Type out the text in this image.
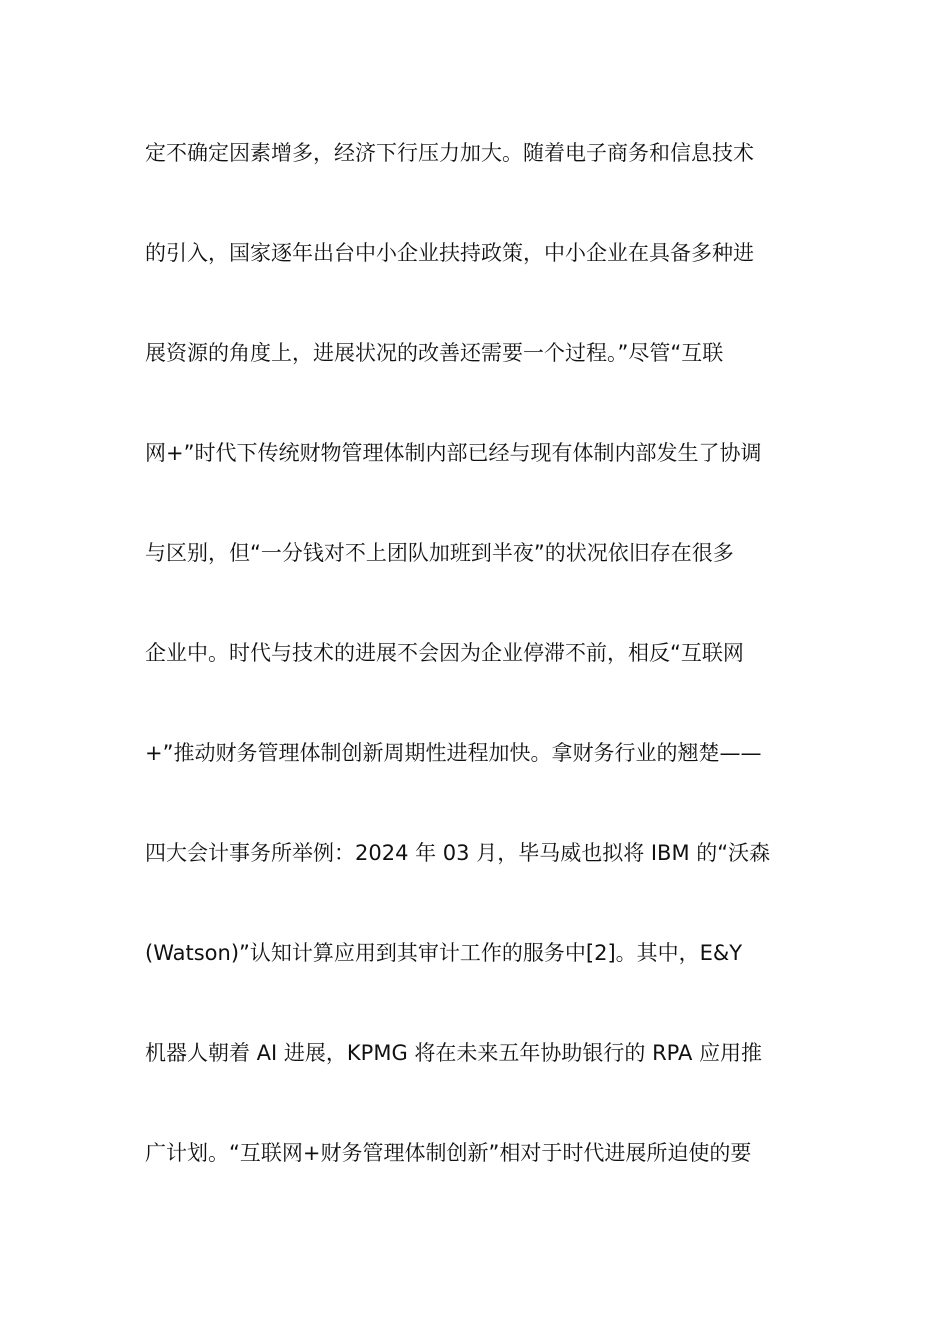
定不确定因素增多，经济下行压力加大。随着电子商务和信息技术
的引入，国家逐年出台中小企业扶持政策，中小企业在具备多种进
展资源的角度上，进展状况的改善还需要一个过程。”尽管“互联
网+”时代下传统财物管理体制内部已经与现有体制内部发生了协调
与区别，但“一分钱对不上团队加班到半夜”的状况依旧存在很多
企业中。时代与技术的进展不会因为企业停滞不前，相反“互联网
+”推动财务管理体制创新周期性进程加快。拿财务行业的翘楚——
四大会计事务所举例：2024 年 03 月，毕马威也拟将 IBM 的“沃森
(Watson)”认知计算应用到其审计工作的服务中[2]。其中，E&Y
机器人朝着 AI 进展，KPMG 将在未来五年协助银行的 RPA 应用推
广计划。“互联网+财务管理体制创新”相对于时代进展所迫使的要
